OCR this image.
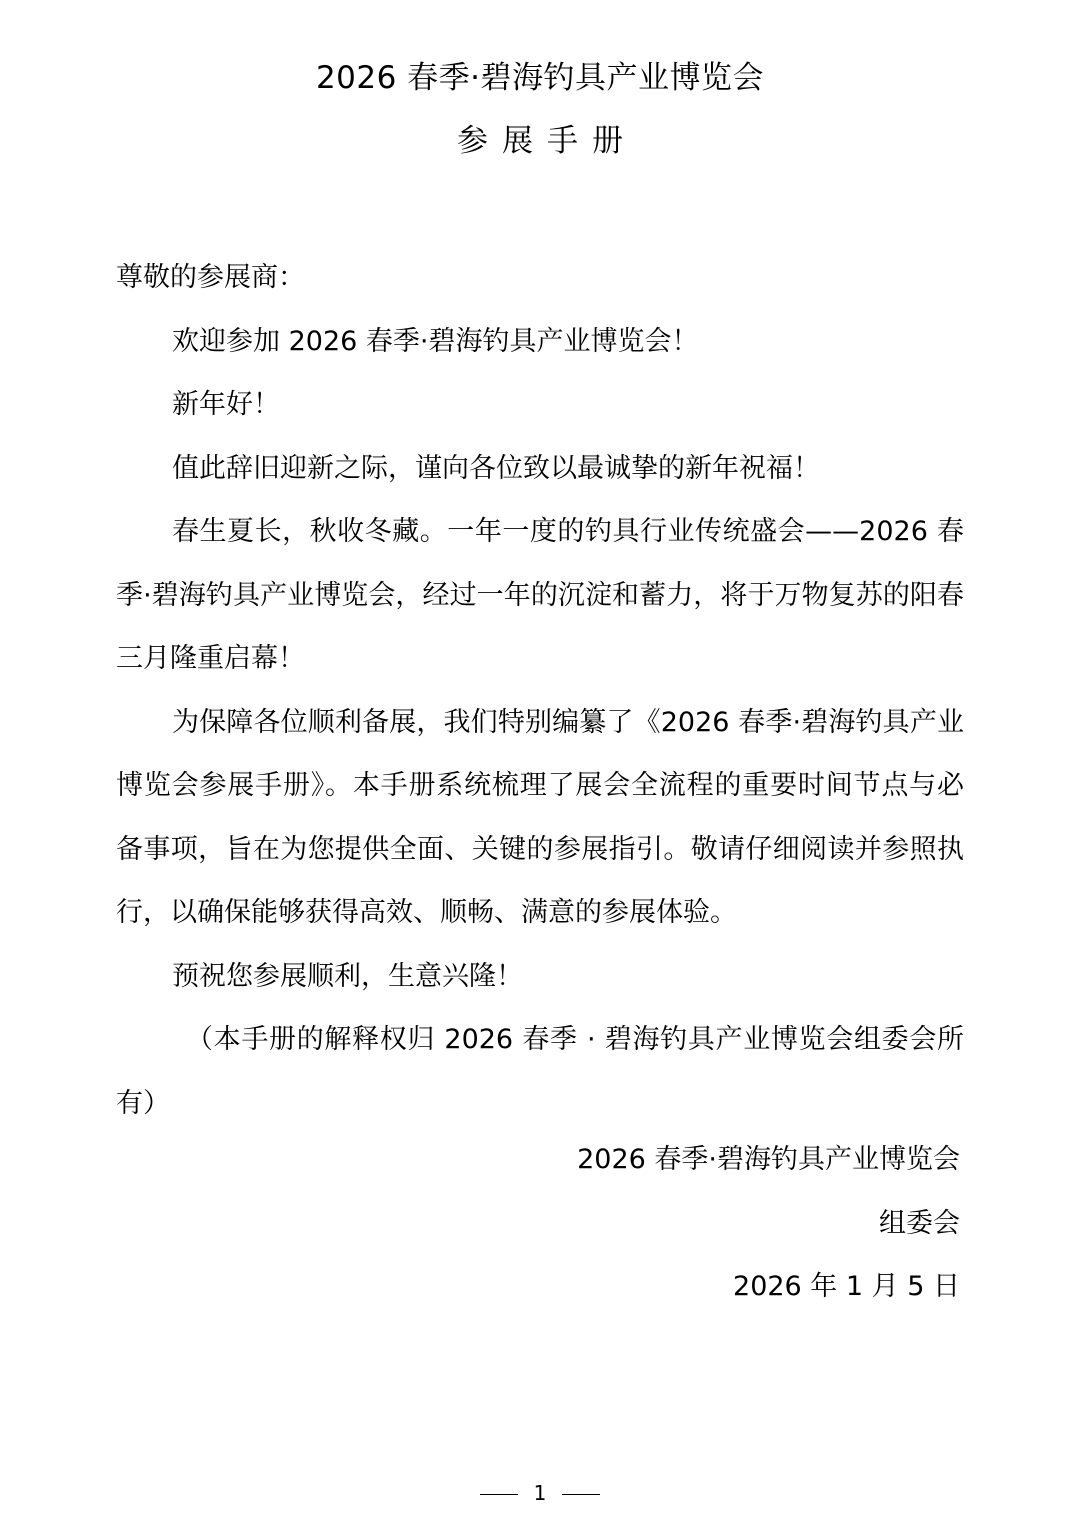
2026 春季·碧海钓具产业博览会
参展手册

尊敬的参展商：

欢迎参加 2026 春季·碧海钓具产业博览会！

新年好！

值此辞旧迎新之际，谨向各位致以最诚挚的新年祝福！

春生夏长，秋收冬藏。一年一度的钓具行业传统盛会——2026 春季·碧海钓具产业博览会，经过一年的沉淀和蓄力，将于万物复苏的阳春三月隆重启幕！

为保障各位顺利备展，我们特别编纂了《2026 春季·碧海钓具产业博览会参展手册》。本手册系统梳理了展会全流程的重要时间节点与必备事项，旨在为您提供全面、关键的参展指引。敬请仔细阅读并参照执行，以确保能够获得高效、顺畅、满意的参展体验。

预祝您参展顺利，生意兴隆！

（本手册的解释权归 2026 春季 · 碧海钓具产业博览会组委会所有）

2026 春季·碧海钓具产业博览会
组委会
2026 年 1 月 5 日
1
